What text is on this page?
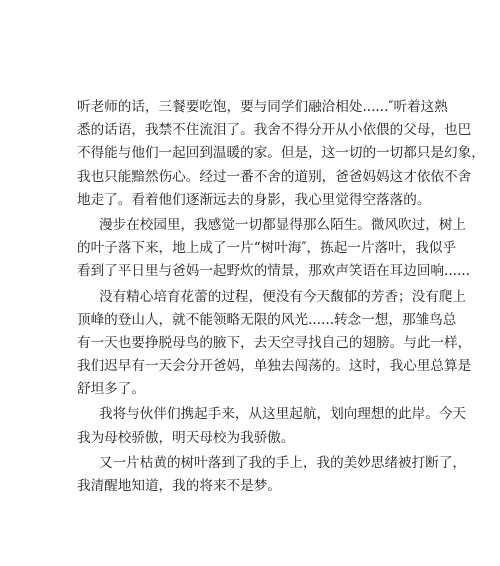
听老师的话，三餐要吃饱，要与同学们融洽相处......″听着这熟
悉的话语，我禁不住流泪了。我舍不得分开从小依偎的父母，也巴
不得能与他们一起回到温暖的家。但是，这一切的一切都只是幻象，
我也只能黯然伤心。经过一番不舍的道别，爸爸妈妈这才依依不舍
地走了。看着他们逐渐远去的身影，我心里觉得空落落的。
漫步在校园里，我感觉一切都显得那么陌生。微风吹过，树上
的叶子落下来，地上成了一片“树叶海″，拣起一片落叶，我似乎
看到了平日里与爸妈一起野炊的情景，那欢声笑语在耳边回响......
没有精心培育花蕾的过程，便没有今天馥郁的芳香；没有爬上
顶峰的登山人，就不能领略无限的风光......转念一想，那雏鸟总
有一天也要挣脱母鸟的腋下，去天空寻找自己的翅膀。与此一样，
我们迟早有一天会分开爸妈，单独去闯荡的。这时，我心里总算是
舒坦多了。
我将与伙伴们携起手来，从这里起航，划向理想的此岸。今天
我为母校骄傲，明天母校为我骄傲。
又一片枯黄的树叶落到了我的手上，我的美妙思绪被打断了，
我清醒地知道，我的将来不是梦。
